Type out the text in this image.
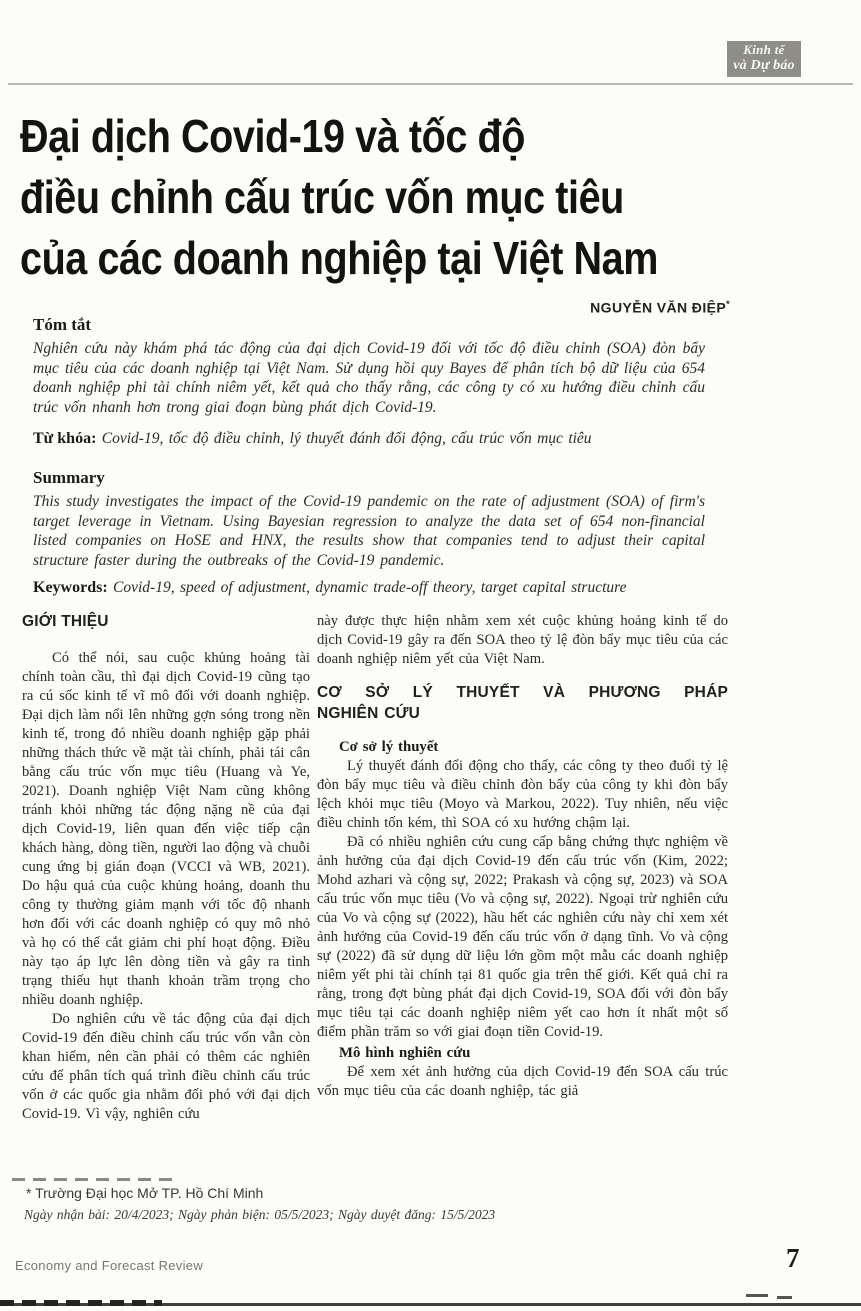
Kinh tế
và Dự báo
Đại dịch Covid-19 và tốc độ
điều chỉnh cấu trúc vốn mục tiêu
của các doanh nghiệp tại Việt Nam
NGUYỄN VĂN ĐIỆP*
Tóm tắt

Nghiên cứu này khám phá tác động của đại dịch Covid-19 đối với tốc độ điều chỉnh (SOA) đòn bẩy mục tiêu của các doanh nghiệp tại Việt Nam. Sử dụng hồi quy Bayes để phân tích bộ dữ liệu của 654 doanh nghiệp phi tài chính niêm yết, kết quả cho thấy rằng, các công ty có xu hướng điều chỉnh cấu trúc vốn nhanh hơn trong giai đoạn bùng phát dịch Covid-19.

Từ khóa: Covid-19, tốc độ điều chỉnh, lý thuyết đánh đổi động, cấu trúc vốn mục tiêu
Summary

This study investigates the impact of the Covid-19 pandemic on the rate of adjustment (SOA) of firm's target leverage in Vietnam. Using Bayesian regression to analyze the data set of 654 non-financial listed companies on HoSE and HNX, the results show that companies tend to adjust their capital structure faster during the outbreaks of the Covid-19 pandemic.

Keywords: Covid-19, speed of adjustment, dynamic trade-off theory, target capital structure
GIỚI THIỆU

Có thể nói, sau cuộc khủng hoảng tài chính toàn cầu, thì đại dịch Covid-19 cũng tạo ra cú sốc kinh tế vĩ mô đối với doanh nghiệp. Đại dịch làm nổi lên những gợn sóng trong nền kinh tế, trong đó nhiều doanh nghiệp gặp phải những thách thức về mặt tài chính, phải tái cân bằng cấu trúc vốn mục tiêu (Huang và Ye, 2021). Doanh nghiệp Việt Nam cũng không tránh khỏi những tác động nặng nề của đại dịch Covid-19, liên quan đến việc tiếp cận khách hàng, dòng tiền, người lao động và chuỗi cung ứng bị gián đoạn (VCCI và WB, 2021). Do hậu quả của cuộc khủng hoảng, doanh thu công ty thường giảm mạnh với tốc độ nhanh hơn đối với các doanh nghiệp có quy mô nhỏ và họ có thể cắt giảm chi phí hoạt động. Điều này tạo áp lực lên dòng tiền và gây ra tình trạng thiếu hụt thanh khoản trầm trọng cho nhiều doanh nghiệp.

Do nghiên cứu về tác động của đại dịch Covid-19 đến điều chỉnh cấu trúc vốn vẫn còn khan hiếm, nên cần phải có thêm các nghiên cứu để phân tích quá trình điều chỉnh cấu trúc vốn ở các quốc gia nhằm đối phó với đại dịch Covid-19. Vì vậy, nghiên cứu

này được thực hiện nhằm xem xét cuộc khủng hoảng kinh tế do dịch Covid-19 gây ra đến SOA theo tỷ lệ đòn bẩy mục tiêu của các doanh nghiệp niêm yết của Việt Nam.

CƠ SỞ LÝ THUYẾT VÀ PHƯƠNG PHÁP
NGHIÊN CỨU
Cơ sở lý thuyết

Lý thuyết đánh đổi động cho thấy, các công ty theo đuổi tỷ lệ đòn bẩy mục tiêu và điều chỉnh đòn bẩy của công ty khi đòn bẩy lệch khỏi mục tiêu (Moyo và Markou, 2022). Tuy nhiên, nếu việc điều chỉnh tốn kém, thì SOA có xu hướng chậm lại.

Đã có nhiều nghiên cứu cung cấp bằng chứng thực nghiệm về ảnh hưởng của đại dịch Covid-19 đến cấu trúc vốn (Kim, 2022; Mohd azhari và cộng sự, 2022; Prakash và cộng sự, 2023) và SOA cấu trúc vốn mục tiêu (Vo và cộng sự, 2022). Ngoại trừ nghiên cứu của Vo và cộng sự (2022), hầu hết các nghiên cứu này chỉ xem xét ảnh hưởng của Covid-19 đến cấu trúc vốn ở dạng tĩnh. Vo và cộng sự (2022) đã sử dụng dữ liệu lớn gồm một mẫu các doanh nghiệp niêm yết phi tài chính tại 81 quốc gia trên thế giới. Kết quả chỉ ra rằng, trong đợt bùng phát đại dịch Covid-19, SOA đối với đòn bẩy mục tiêu tại các doanh nghiệp niêm yết cao hơn ít nhất một số điểm phần trăm so với giai đoạn tiền Covid-19.

Mô hình nghiên cứu

Để xem xét ảnh hưởng của dịch Covid-19 đến SOA cấu trúc vốn mục tiêu của các doanh nghiệp, tác giả

* Trường Đại học Mở TP. Hồ Chí Minh
Ngày nhận bài: 20/4/2023; Ngày phản biện: 05/5/2023; Ngày duyệt đăng: 15/5/2023
Economy and Forecast Review	7
